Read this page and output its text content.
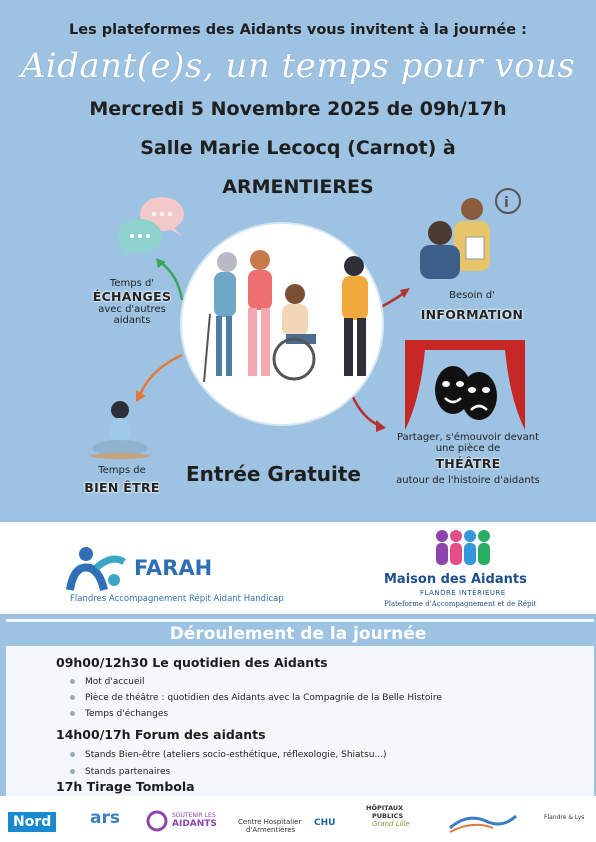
Les plateformes des Aidants vous invitent à la journée :
Aidant(e)s, un temps pour vous
Mercredi 5 Novembre 2025 de 09h/17h
Salle Marie Lecocq (Carnot) à
ARMENTIERES
i
Temps d'
ÉCHANGES
avec d'autres aidants
Besoin d'
INFORMATION
Temps de
BIEN ÊTRE
Partager, s'émouvoir devant
une pièce de
THÉÂTRE
autour de l'histoire d'aidants
Entrée Gratuite
FARAH
Flandres Accompagnement Répit Aidant Handicap
Maison des Aidants
FLANDRE INTÉRIEURE
Plateforme d'Accompagnement et de Répit
Déroulement de la journée
09h00/12h30 Le quotidien des Aidants
Mot d'accueil
Pièce de théâtre : quotidien des Aidants avec la Compagnie de la Belle Histoire
Temps d'échanges
14h00/17h Forum des aidants
Stands Bien-être (ateliers socio-esthétique, réflexologie, Shiatsu...)
Stands partenaires
17h Tirage Tombola
Nord ars	SOUTENIR LES
AIDANTS	Centre Hospitalier
d'Armentières
CHU
HÔPITAUX
PUBLICS
Grand Lille
Flandre & Lys
